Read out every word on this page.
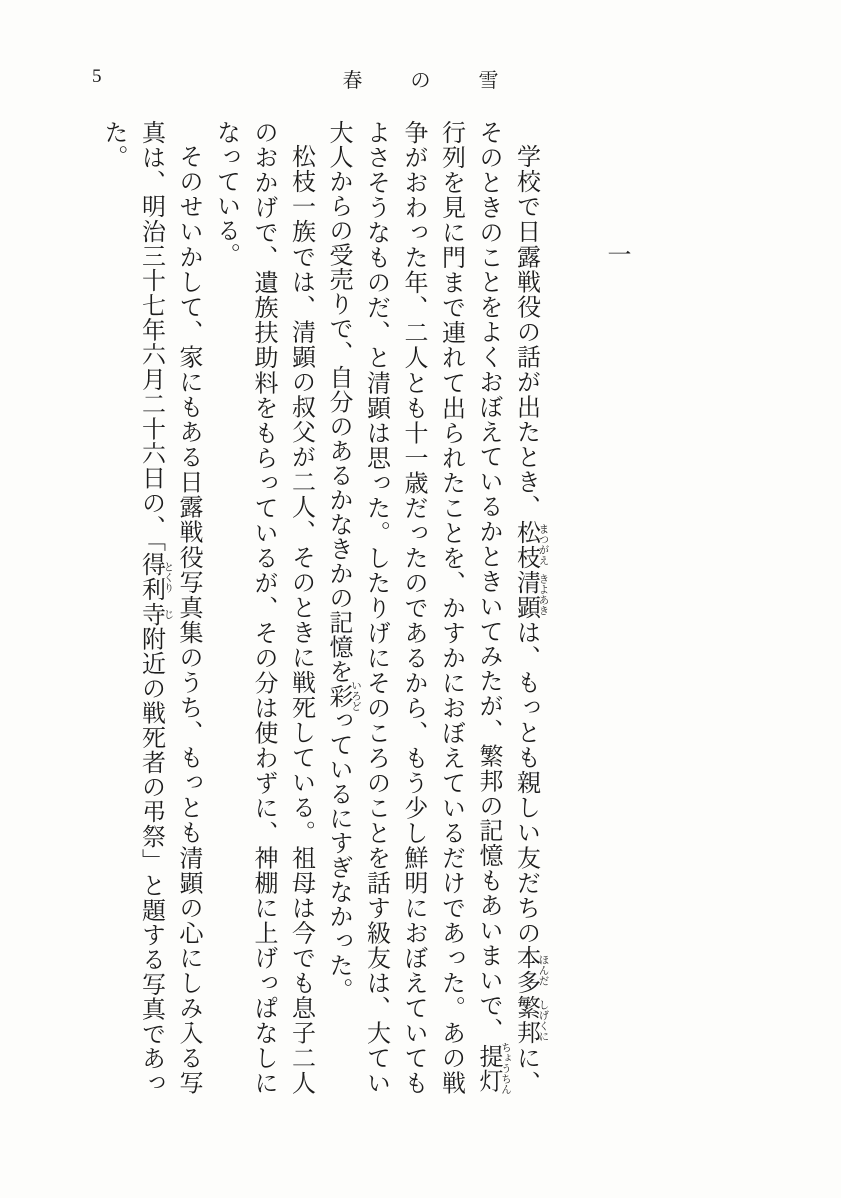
5	春 の 雪
一

学校で日露戦役の話が出たとき、松枝 まつがえ清顕 きよあきは、もっとも親しい友だちの本多 ほんだ繁邦 しげくにに、そのときのことをよくおぼえているかときいてみたが、繁邦の記憶もあいまいで、提灯 ちょうちん行列を見に門まで連れて出られたことを、かすかにおぼえているだけであった。あの戦争がおわった年、二人とも十一歳だったのであるから、もう少し鮮明におぼえていてもよさそうなものだ、と清顕は思った。したりげにそのころのことを話す級友は、大てい大人からの受売りで、自分のあるかなきかの記憶を彩 いろどっているにすぎなかった。

松枝一族では、清顕の叔父が二人、そのときに戦死している。祖母は今でも息子二人のおかげで、遺族扶助料をもらっているが、その分は使わずに、神棚に上げっぱなしになっている。

そのせいかして、家にもある日露戦役写真集のうち、もっとも清顕の心にしみ入る写真は、明治三十七年六月二十六日の、「得利 とくり寺 じ附近の戦死者の弔祭」と題する写真であった。
